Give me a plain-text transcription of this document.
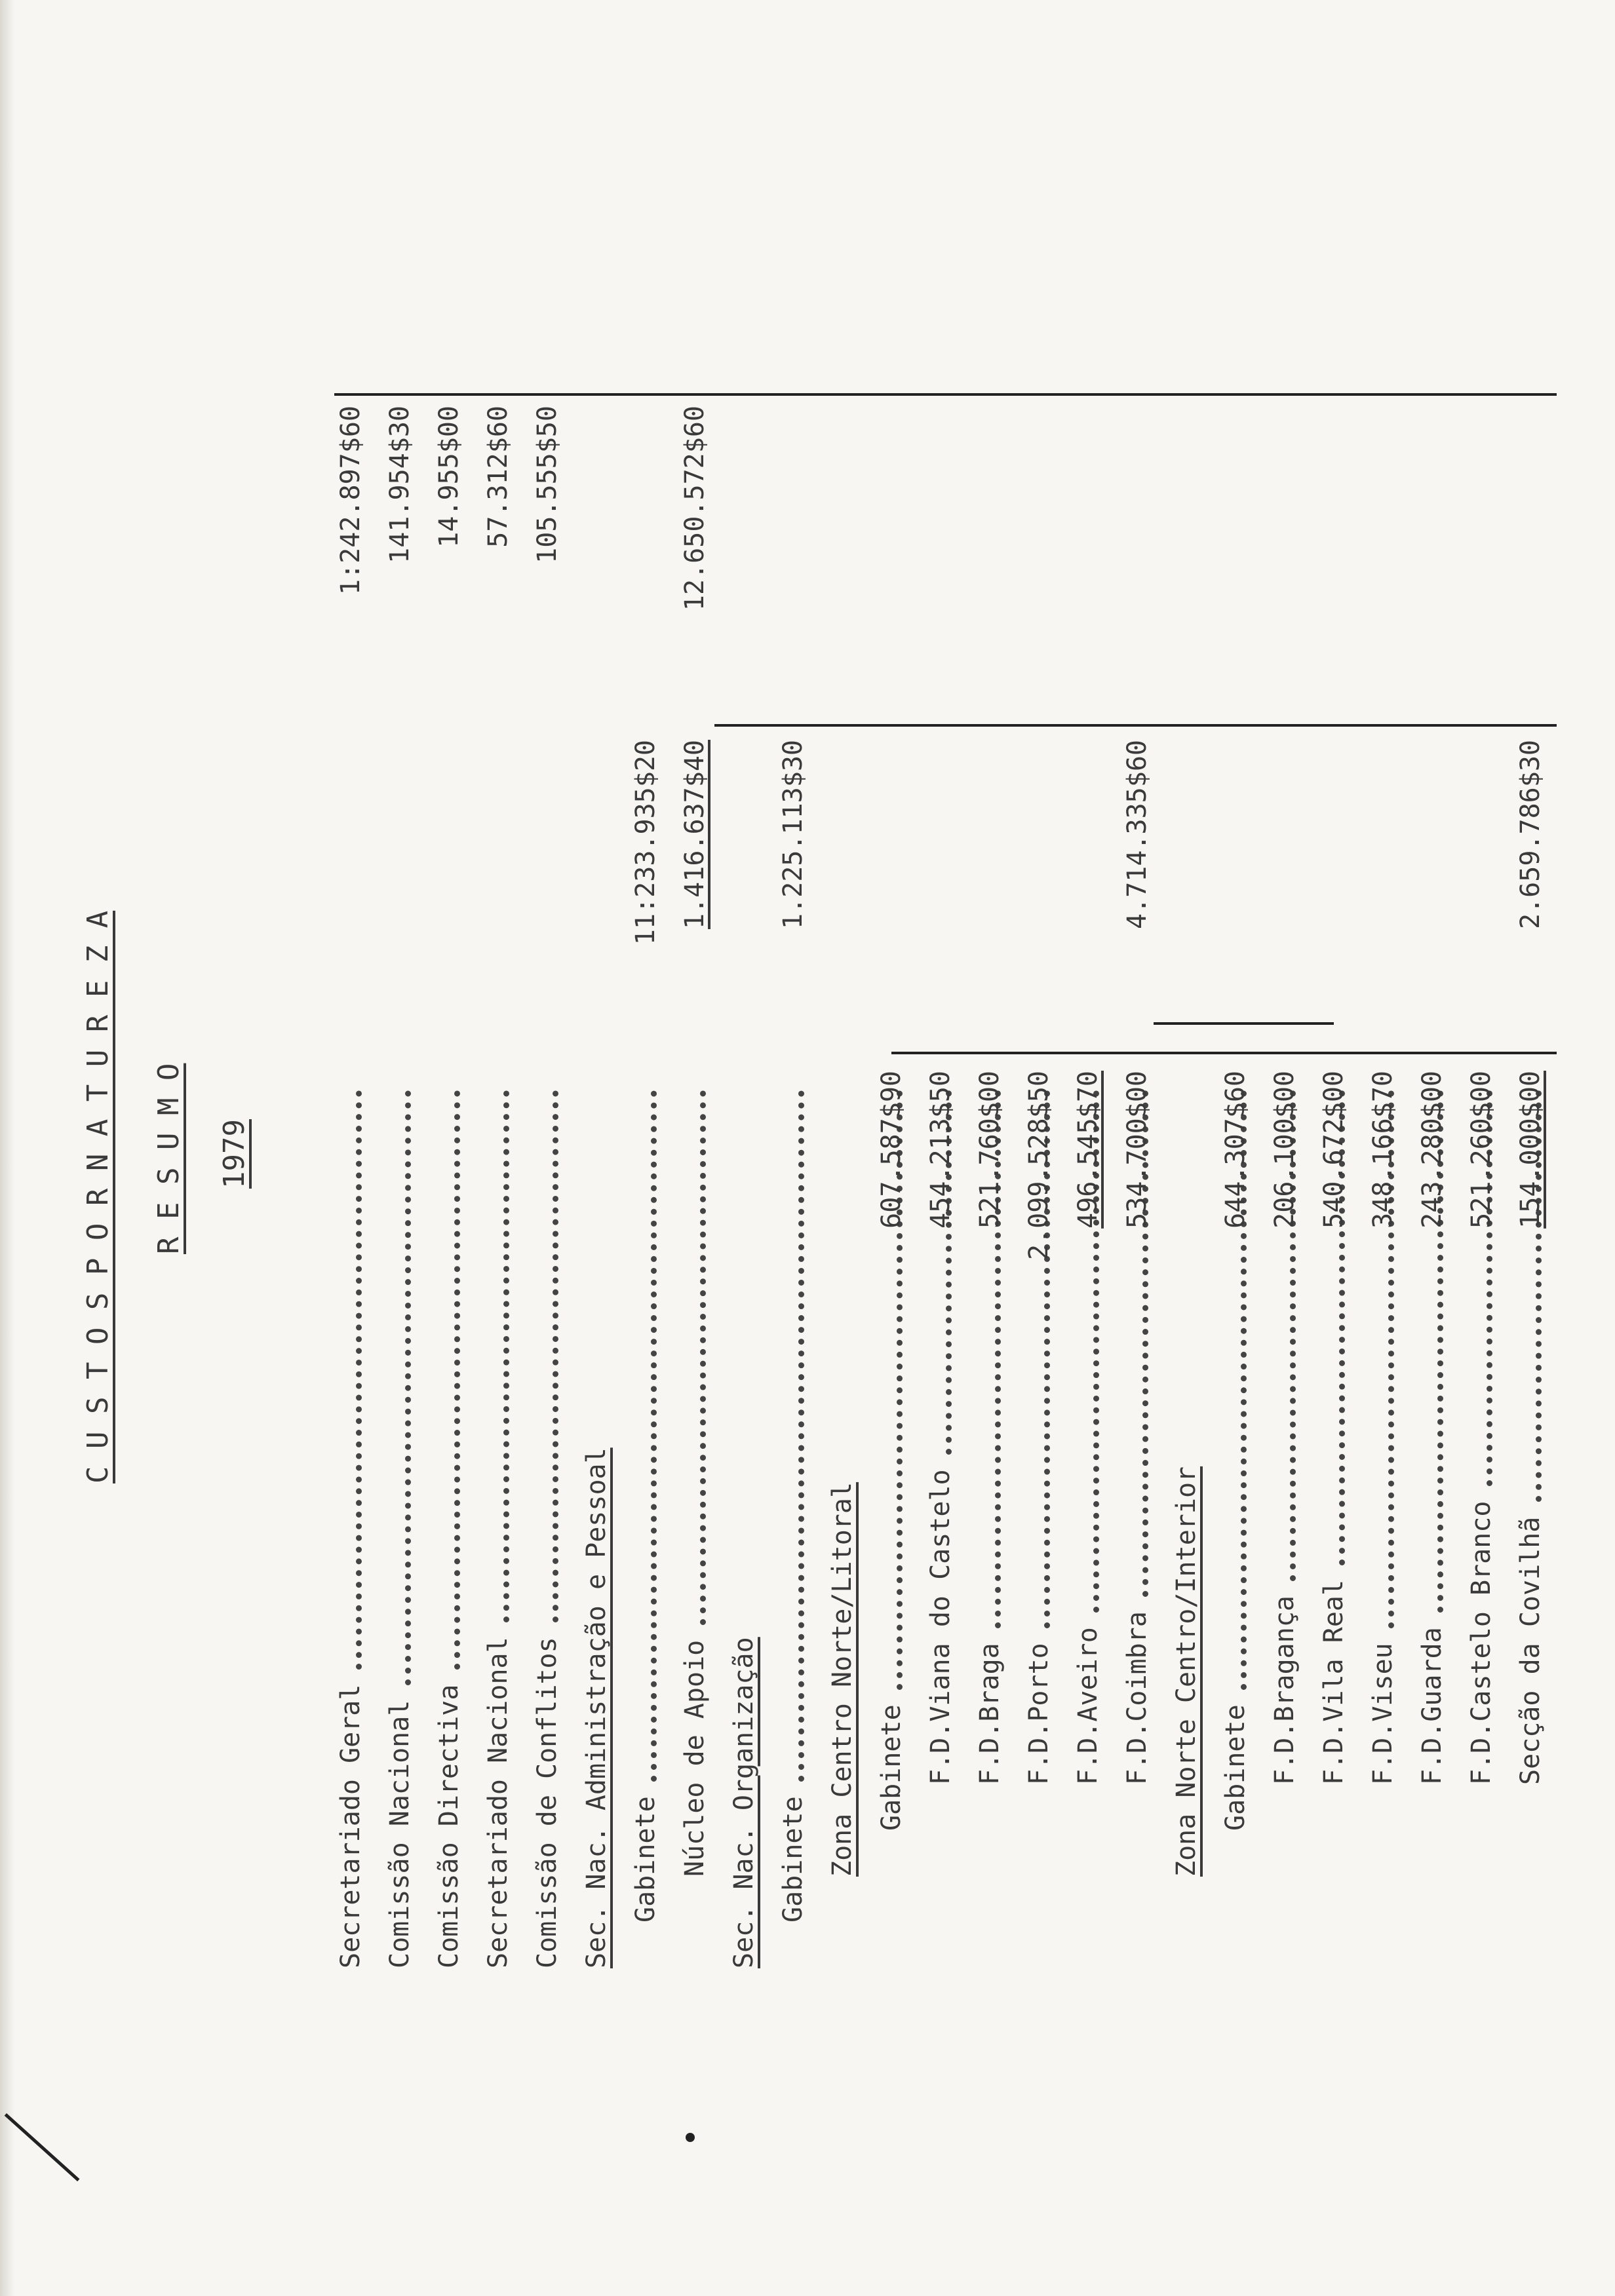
C U S T O S P O R N A T U R E Z A R E S U M O 1979
Secretariado Geral
1:242.897$60
Comissão Nacional
141.954$30
Comissão Directiva
14.955$00
Secretariado Nacional
57.312$60
Comissão de Conflitos
105.555$50
Sec. Nac. Administração e Pessoal Gabinete
11:233.935$20
Núcleo de Apoio
1.416.637$40
12.650.572$60
Sec. Nac. Organização Gabinete
1.225.113$30
Zona Centro Norte/Litoral Gabinete
607.587$90
F.D.Viana do Castelo
454.213$50
F.D.Braga
521.760$00
F.D.Porto
2.099.528$50
F.D.Aveiro
496.545$70
F.D.Coimbra
534.700$00
4.714.335$60
Zona Norte Centro/Interior Gabinete
644.307$60
F.D.Bragança
206.100$00
F.D.Vila Real
540.672$00
F.D.Viseu
348.166$70
F.D.Guarda
243.280$00
F.D.Castelo Branco
521.260$00
Secção da Covilhã
154.000$00
2.659.786$30
